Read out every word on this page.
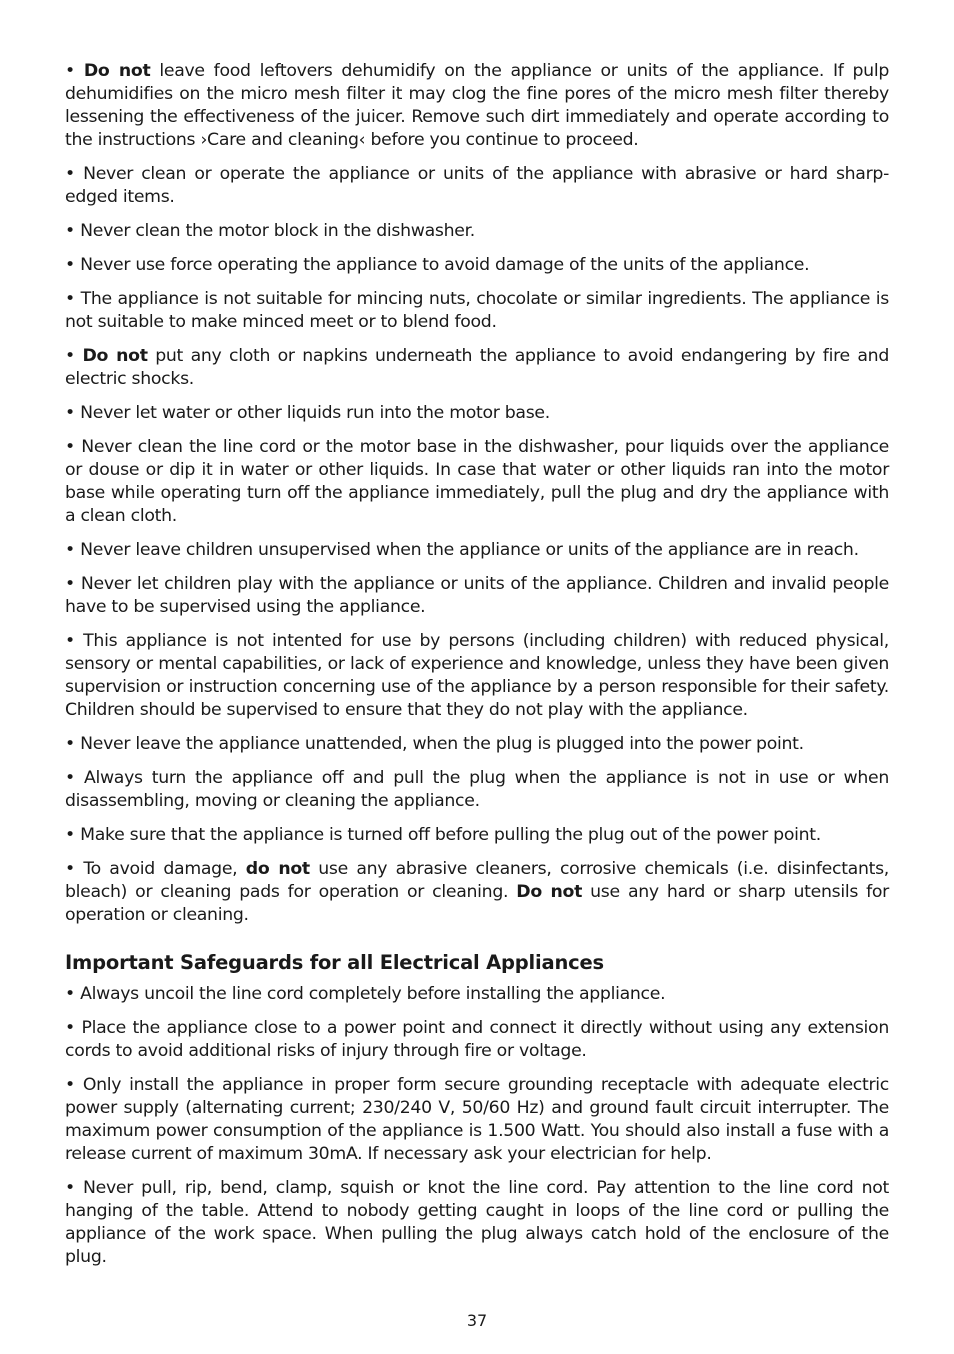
• Do not leave food leftovers dehumidify on the appliance or units of the appliance. If pulp dehumidifies on the micro mesh filter it may clog the fine pores of the micro mesh filter thereby lessening the effectiveness of the juicer. Remove such dirt immediately and operate according to the instructions ›Care and cleaning‹ before you continue to proceed.

• Never clean or operate the appliance or units of the appliance with abrasive or hard sharp-edged items.

• Never clean the motor block in the dishwasher.

• Never use force operating the appliance to avoid damage of the units of the appliance.

• The appliance is not suitable for mincing nuts, chocolate or similar ingredients. The appliance is not suitable to make minced meet or to blend food.

• Do not put any cloth or napkins underneath the appliance to avoid endangering by fire and electric shocks.

• Never let water or other liquids run into the motor base.

• Never clean the line cord or the motor base in the dishwasher, pour liquids over the appliance or douse or dip it in water or other liquids. In case that water or other liquids ran into the motor base while operating turn off the appliance immediately, pull the plug and dry the appliance with a clean cloth.

• Never leave children unsupervised when the appliance or units of the appliance are in reach.

• Never let children play with the appliance or units of the appliance. Children and invalid people have to be supervised using the appliance.

• This appliance is not intented for use by persons (including children) with reduced physical, sensory or mental capabilities, or lack of experience and knowledge, unless they have been given supervision or instruction concerning use of the appliance by a person responsible for their safety. Children should be supervised to ensure that they do not play with the appliance.

• Never leave the appliance unattended, when the plug is plugged into the power point.

• Always turn the appliance off and pull the plug when the appliance is not in use or when disassembling, moving or cleaning the appliance.

• Make sure that the appliance is turned off before pulling the plug out of the power point.

• To avoid damage, do not use any abrasive cleaners, corrosive chemicals (i.e. disinfectants, bleach) or cleaning pads for operation or cleaning. Do not use any hard or sharp utensils for operation or cleaning.

Important Safeguards for all Electrical Appliances

• Always uncoil the line cord completely before installing the appliance.

• Place the appliance close to a power point and connect it directly without using any extension cords to avoid additional risks of injury through fire or voltage.

• Only install the appliance in proper form secure grounding receptacle with adequate electric power supply (alternating current; 230/240 V, 50/60 Hz) and ground fault circuit interrupter. The maximum power consumption of the appliance is 1.500 Watt. You should also install a fuse with a release current of maximum 30mA. If necessary ask your electrician for help.

• Never pull, rip, bend, clamp, squish or knot the line cord. Pay attention to the line cord not hanging of the table. Attend to nobody getting caught in loops of the line cord or pulling the appliance of the work space. When pulling the plug always catch hold of the enclosure of the plug.

37
